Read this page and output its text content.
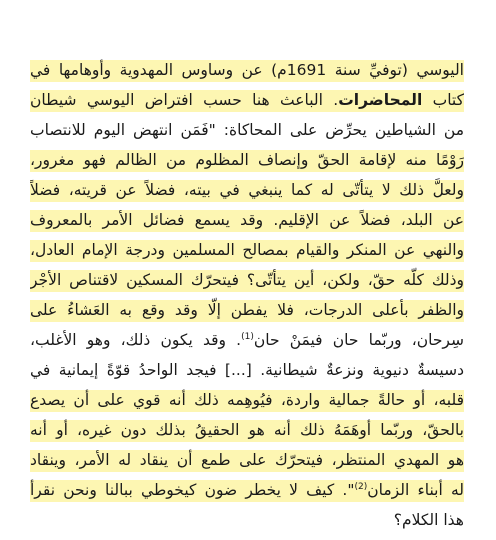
اليوسي (توفيِّ سنة 1691م) عن وساوس المهدوية وأوهامها في
كتاب المحاضرات. الباعث هنا حسب افتراض اليوسي شيطان
من الشياطين يحرِّض على المحاكاة: "فَمَن انتهض اليوم للانتصاب
رَوْمًا منه لإقامة الحقّ وإنصاف المظلوم من الظالم فهو مغرور،
ولعلَّ ذلك لا يتأتّى له كما ينبغي في بيته، فضلاً عن قريته، فضلاً
عن البلد، فضلاً عن الإقليم. وقد يسمع فضائل الأمر بالمعروف
والنهي عن المنكر والقيام بمصالح المسلمين ودرجة الإمام العادل،
وذلك كلّه حقّ، ولكن، أين يتأتّى؟ فيتحرّك المسكين لاقتناص الأجْر
والظفر بأعلى الدرجات، فلا يفطن إلّا وقد وقع به العَشاءُ على
سِرحان، وربّما حان فيمَنْ حان$^{(1)}$. وقد يكون ذلك، وهو الأغلب،
دسيسةٌ دنيوية ونزعةٌ شيطانية. [...] فيجد الواحدُ قوّةً إيمانية في
قلبه، أو حالةً جمالية واردة، فيُوهِمه ذلك أنه قوي على أن يصدع
بالحقّ، وربّما أوهَمَهُ ذلك أنه هو الحقيقُ بذلك دون غيره، أو أنه
هو المهدي المنتظر، فيتحرّك على طمع أن ينقاد له الأمر، وينقاد
له أبناء الزمان$^{(2)}$". كيف لا يخطر ضون كيخوطي ببالنا ونحن نقرأ
هذا الكلام؟
